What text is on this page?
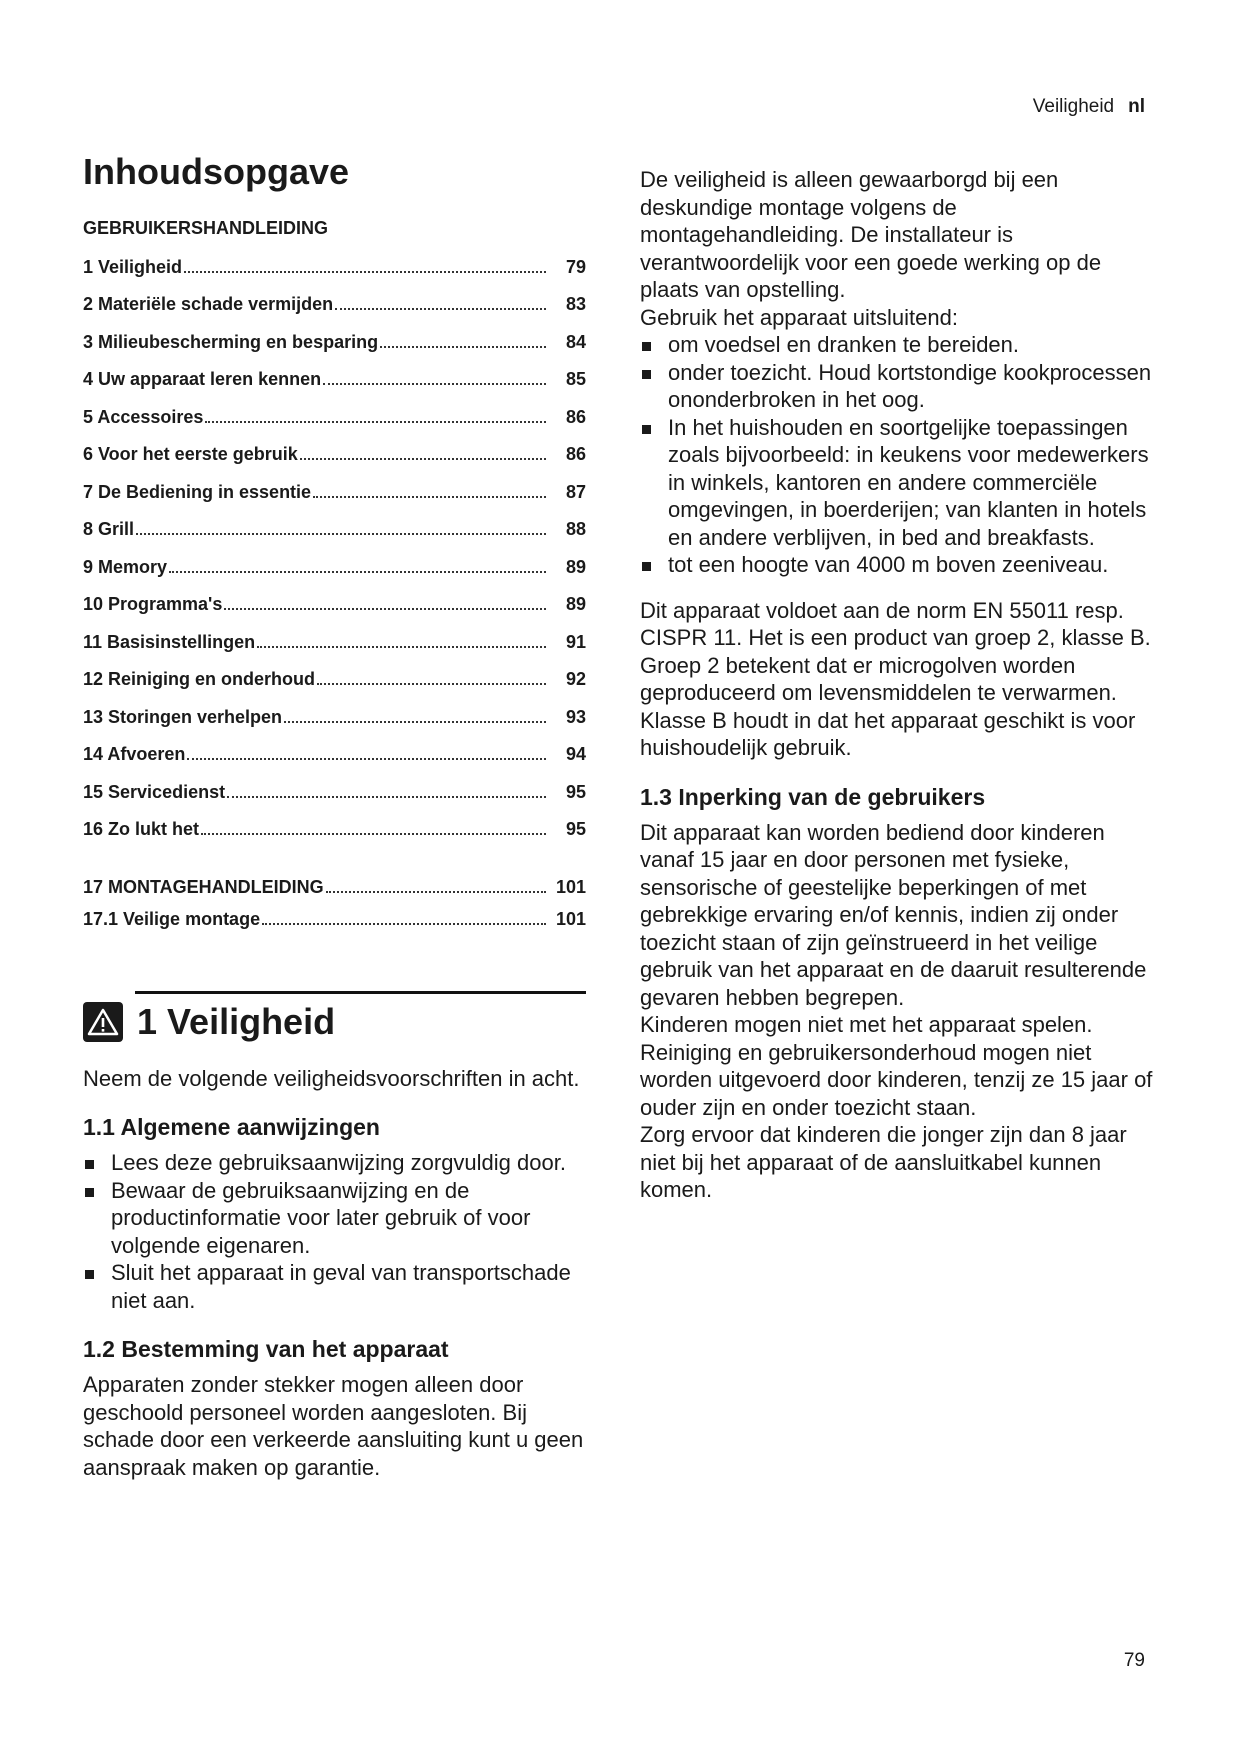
Veiligheid nl
Inhoudsopgave
GEBRUIKERSHANDLEIDING
1 Veiligheid	79
2 Materiële schade vermijden	83
3 Milieubescherming en besparing	84
4 Uw apparaat leren kennen	85
5 Accessoires	86
6 Voor het eerste gebruik	86
7 De Bediening in essentie	87
8 Grill	88
9 Memory	89
10 Programma's	89
11 Basisinstellingen	91
12 Reiniging en onderhoud	92
13 Storingen verhelpen	93
14 Afvoeren	94
15 Servicedienst	95
16 Zo lukt het	95
17 MONTAGEHANDLEIDING	101
17.1 Veilige montage	101
1 Veiligheid

Neem de volgende veiligheidsvoorschriften in acht.

1.1 Algemene aanwijzingen
Lees deze gebruiksaanwijzing zorgvuldig door.
Bewaar de gebruiksaanwijzing en de productinformatie voor later gebruik of voor volgende eigenaren.
Sluit het apparaat in geval van transportschade niet aan.
1.2 Bestemming van het apparaat

Apparaten zonder stekker mogen alleen door geschoold personeel worden aangesloten. Bij schade door een verkeerde aansluiting kunt u geen aanspraak maken op garantie.

De veiligheid is alleen gewaarborgd bij een deskundige montage volgens de montagehandleiding. De installateur is verantwoordelijk voor een goede werking op de plaats van opstelling.

Gebruik het apparaat uitsluitend:

om voedsel en dranken te bereiden.
onder toezicht. Houd kortstondige kookprocessen ononderbroken in het oog.
In het huishouden en soortgelijke toepassingen zoals bijvoorbeeld: in keukens voor medewerkers in winkels, kantoren en andere commerciële omgevingen, in boerderijen; van klanten in hotels en andere verblijven, in bed and breakfasts.
tot een hoogte van 4000 m boven zeeniveau.

Dit apparaat voldoet aan de norm EN 55011 resp. CISPR 11. Het is een product van groep 2, klasse B. Groep 2 betekent dat er microgolven worden geproduceerd om levensmiddelen te verwarmen. Klasse B houdt in dat het apparaat geschikt is voor huishoudelijk gebruik.

1.3 Inperking van de gebruikers

Dit apparaat kan worden bediend door kinderen vanaf 15 jaar en door personen met fysieke, sensorische of geestelijke beperkingen of met gebrekkige ervaring en/of kennis, indien zij onder toezicht staan of zijn geïnstrueerd in het veilige gebruik van het apparaat en de daaruit resulterende gevaren hebben begrepen.

Kinderen mogen niet met het apparaat spelen.

Reiniging en gebruikersonderhoud mogen niet worden uitgevoerd door kinderen, tenzij ze 15 jaar of ouder zijn en onder toezicht staan.

Zorg ervoor dat kinderen die jonger zijn dan 8 jaar niet bij het apparaat of de aansluitkabel kunnen komen.

79
